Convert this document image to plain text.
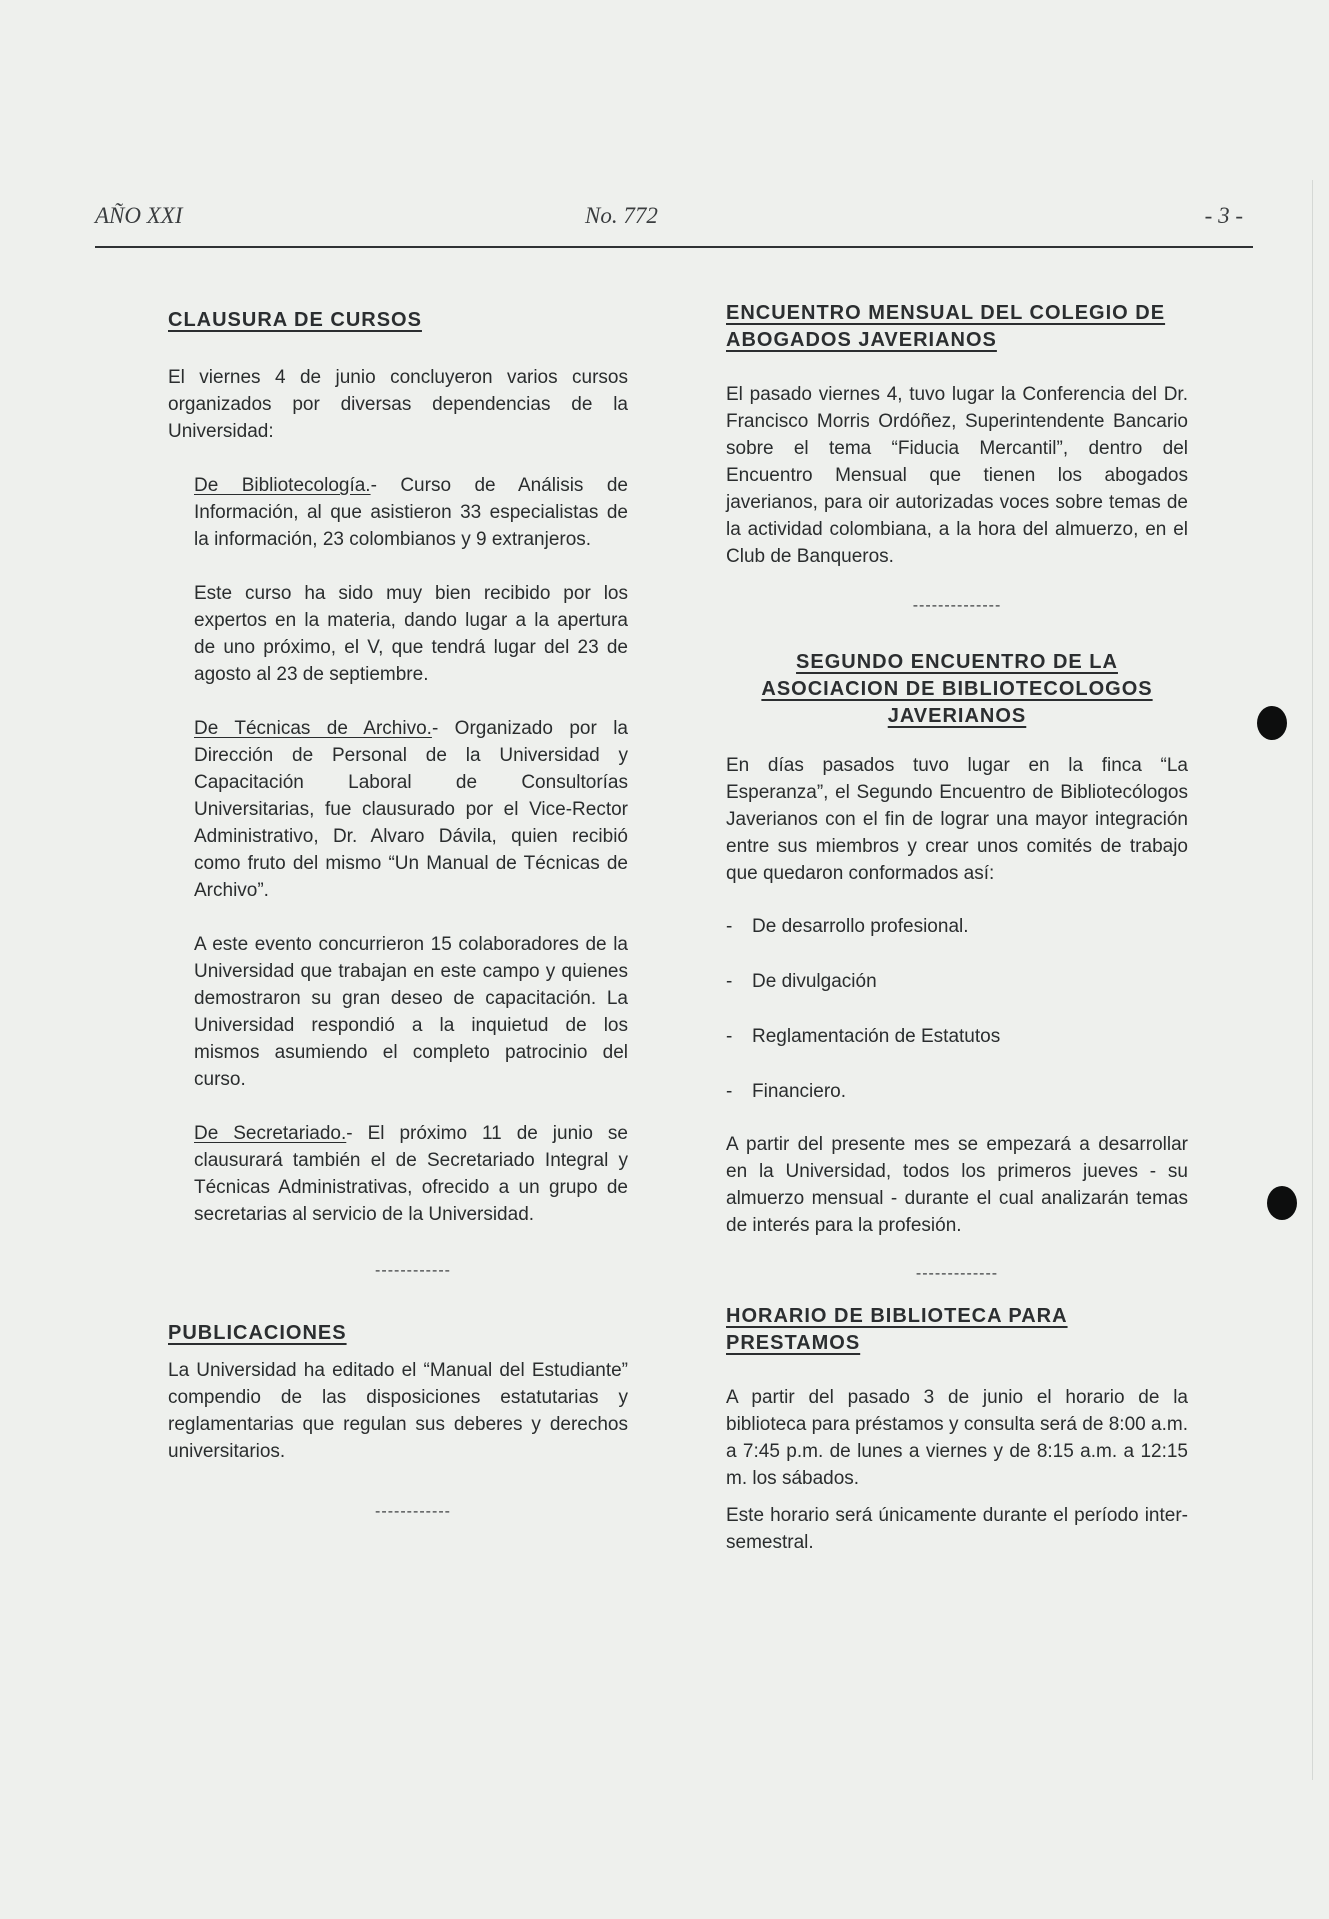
AÑO XXI	No. 772	- 3 -
CLAUSURA DE CURSOS

El viernes 4 de junio concluyeron varios cursos organizados por diversas dependencias de la Universidad:

De Bibliotecología.- Curso de Análisis de Información, al que asistieron 33 especialistas de la información, 23 colombianos y 9 extranjeros.

Este curso ha sido muy bien recibido por los expertos en la materia, dando lugar a la apertura de uno próximo, el V, que tendrá lugar del 23 de agosto al 23 de septiembre.

De Técnicas de Archivo.- Organizado por la Dirección de Personal de la Universidad y Capacitación Laboral de Consultorías Universitarias, fue clausurado por el Vice-Rector Administrativo, Dr. Alvaro Dávila, quien recibió como fruto del mismo “Un Manual de Técnicas de Archivo”.

A este evento concurrieron 15 colaboradores de la Universidad que trabajan en este campo y quienes demostraron su gran deseo de capacitación. La Universidad respondió a la inquietud de los mismos asumiendo el completo patrocinio del curso.

De Secretariado.- El próximo 11 de junio se clausurará también el de Secretariado Integral y Técnicas Administrativas, ofrecido a un grupo de secretarias al servicio de la Universidad.

------------
PUBLICACIONES

La Universidad ha editado el “Manual del Estudiante” compendio de las disposiciones estatutarias y reglamentarias que regulan sus deberes y derechos universitarios.

------------
ENCUENTRO MENSUAL DEL COLEGIO DE ABOGADOS JAVERIANOS

El pasado viernes 4, tuvo lugar la Conferencia del Dr. Francisco Morris Ordóñez, Superintendente Bancario sobre el tema “Fiducia Mercantil”, dentro del Encuentro Mensual que tienen los abogados javerianos, para oir autorizadas voces sobre temas de la actividad colombiana, a la hora del almuerzo, en el Club de Banqueros.

--------------
SEGUNDO ENCUENTRO DE LA ASOCIACION DE BIBLIOTECOLOGOS JAVERIANOS

En días pasados tuvo lugar en la finca “La Esperanza”, el Segundo Encuentro de Bibliotecólogos Javerianos con el fin de lograr una mayor integración entre sus miembros y crear unos comités de trabajo que quedaron conformados así:

- De desarrollo profesional.
- De divulgación
- Reglamentación de Estatutos
- Financiero.

A partir del presente mes se empezará a desarrollar en la Universidad, todos los primeros jueves - su almuerzo mensual - durante el cual analizarán temas de interés para la profesión.

-------------
HORARIO DE BIBLIOTECA PARA PRESTAMOS

A partir del pasado 3 de junio el horario de la biblioteca para préstamos y consulta será de 8:00 a.m. a 7:45 p.m. de lunes a viernes y de 8:15 a.m. a 12:15 m. los sábados.

Este horario será únicamente durante el período inter-semestral.
